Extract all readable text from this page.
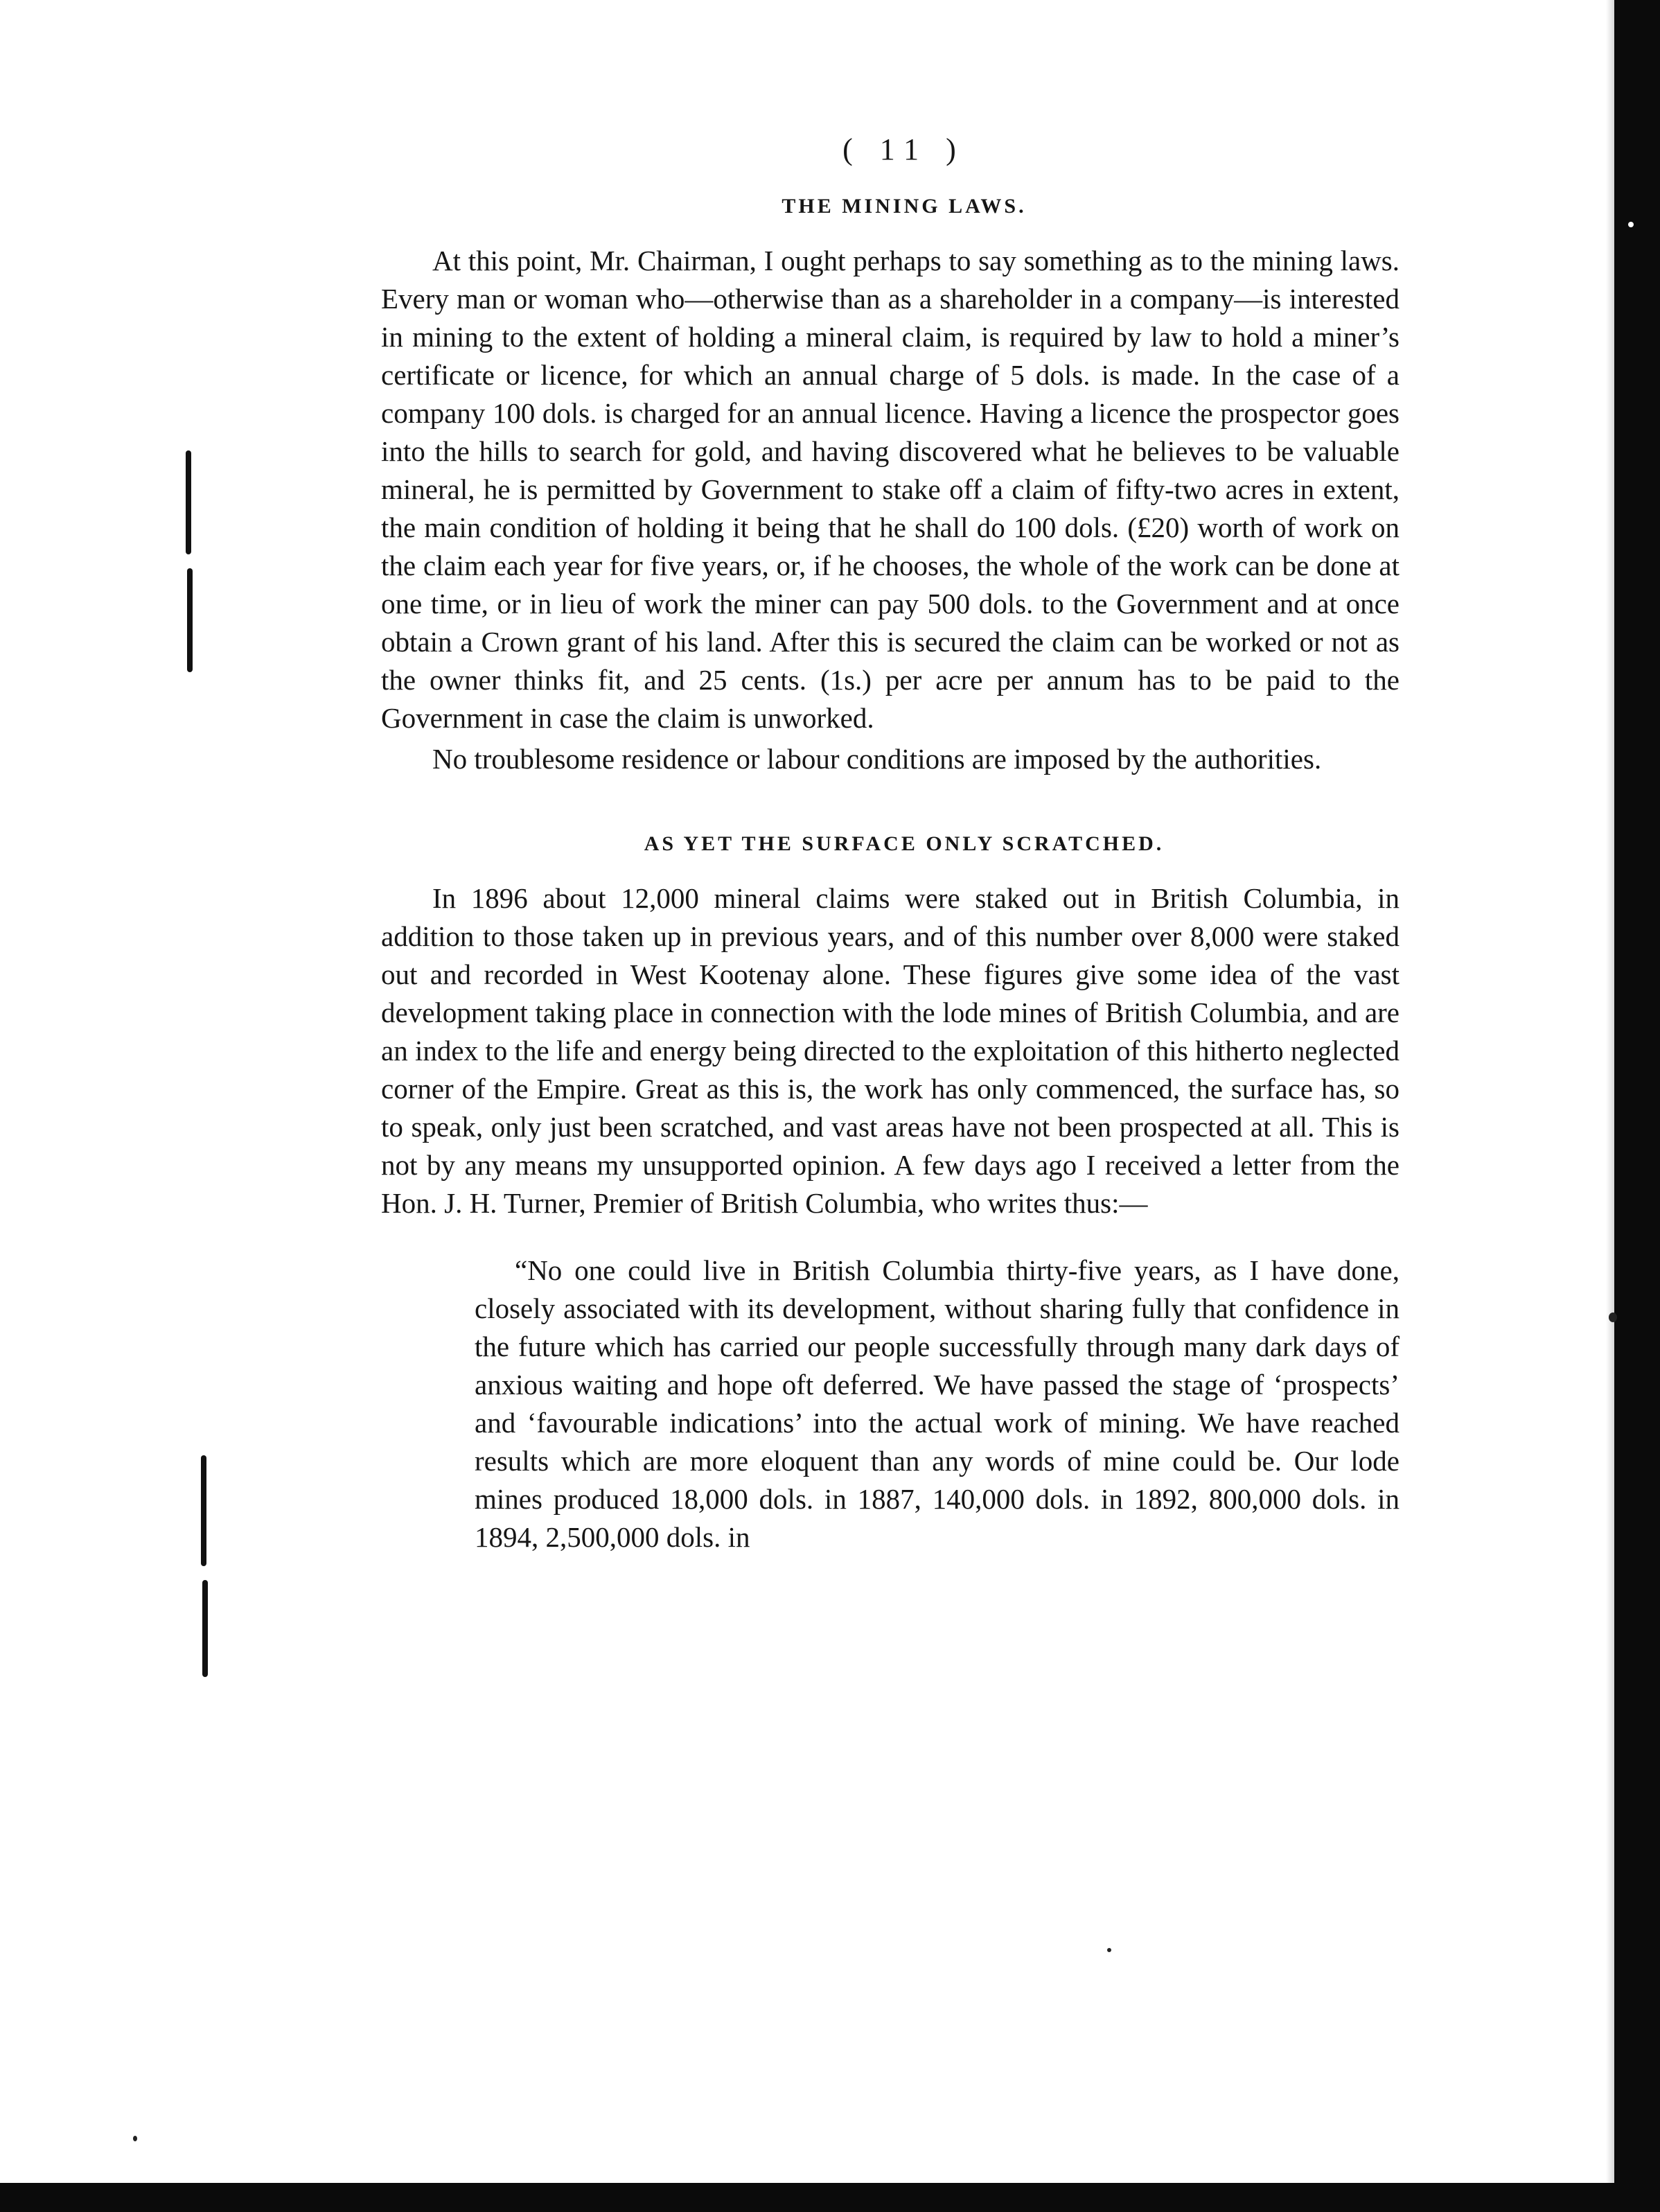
( 11 )
THE MINING LAWS.

At this point, Mr. Chairman, I ought perhaps to say something as to the mining laws. Every man or woman who—otherwise than as a shareholder in a company—is interested in mining to the extent of holding a mineral claim, is required by law to hold a miner’s certificate or licence, for which an annual charge of 5 dols. is made. In the case of a company 100 dols. is charged for an annual licence. Having a licence the prospector goes into the hills to search for gold, and having discovered what he believes to be valuable mineral, he is permitted by Government to stake off a claim of fifty-two acres in extent, the main condition of holding it being that he shall do 100 dols. (£20) worth of work on the claim each year for five years, or, if he chooses, the whole of the work can be done at one time, or in lieu of work the miner can pay 500 dols. to the Government and at once obtain a Crown grant of his land. After this is secured the claim can be worked or not as the owner thinks fit, and 25 cents. (1s.) per acre per annum has to be paid to the Government in case the claim is unworked.

No troublesome residence or labour conditions are imposed by the authorities.

AS YET THE SURFACE ONLY SCRATCHED.

In 1896 about 12,000 mineral claims were staked out in British Columbia, in addition to those taken up in previous years, and of this number over 8,000 were staked out and recorded in West Kootenay alone. These figures give some idea of the vast development taking place in connection with the lode mines of British Columbia, and are an index to the life and energy being directed to the exploitation of this hitherto neglected corner of the Empire. Great as this is, the work has only commenced, the surface has, so to speak, only just been scratched, and vast areas have not been prospected at all. This is not by any means my unsupported opinion. A few days ago I received a letter from the Hon. J. H. Turner, Premier of British Columbia, who writes thus:—

“No one could live in British Columbia thirty-five years, as I have done, closely associated with its development, without sharing fully that confidence in the future which has carried our people successfully through many dark days of anxious waiting and hope oft deferred. We have passed the stage of ‘prospects’ and ‘favourable indications’ into the actual work of mining. We have reached results which are more eloquent than any words of mine could be. Our lode mines produced 18,000 dols. in 1887, 140,000 dols. in 1892, 800,000 dols. in 1894, 2,500,000 dols. in
